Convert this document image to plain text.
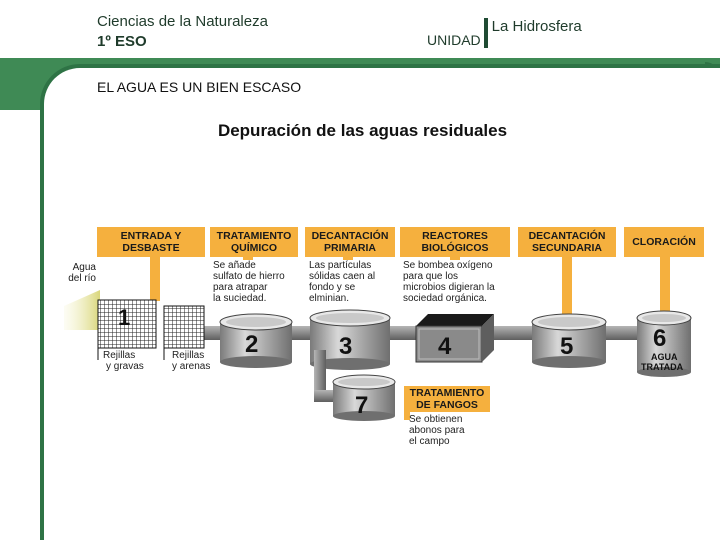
Ciencias de la Naturaleza
1º ESO	UNIDAD
La Hidrosfera
EL AGUA ES UN BIEN ESCASO
Depuración de las aguas residuales
ENTRADA Y
DESBASTE
TRATAMIENTO
QUÍMICO
DECANTACIÓN
PRIMARIA
REACTORES
BIOLÓGICOS
DECANTACIÓN
SECUNDARIA	CLORACIÓN
Se añade
sulfato de hierro
para atrapar
la suciedad.
Las partículas
sólidas caen al
fondo y se
elminian.
Se bombea oxígeno
para que los
microbios digieran la
sociedad orgánica.
Agua
del río
1
2	3	4	5	6
AGUA
TRATADA
7
Rejillas
y gravas
Rejillas
y arenas
TRATAMIENTO
DE FANGOS
Se obtienen
abonos para
el campo
